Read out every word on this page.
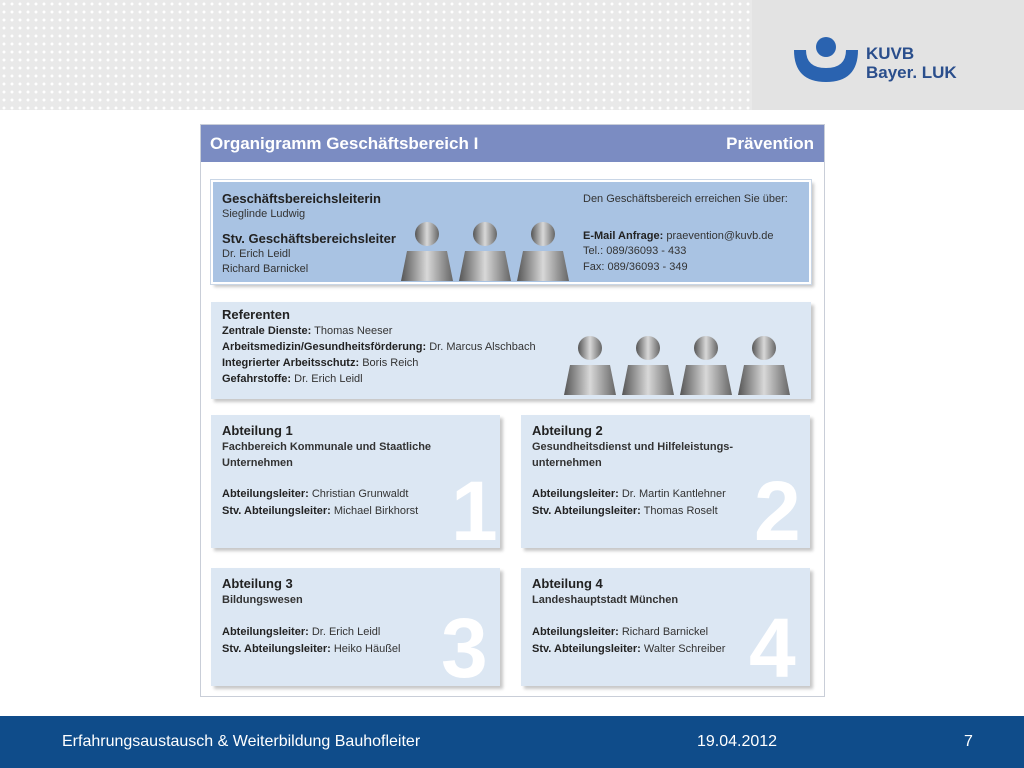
KUVB
Bayer. LUK
Organigramm Geschäftsbereich I	Prävention
Geschäftsbereichsleiterin
Sieglinde Ludwig
Stv. Geschäftsbereichsleiter
Dr. Erich Leidl
Richard Barnickel
Den Geschäftsbereich erreichen Sie über:
E-Mail Anfrage: praevention@kuvb.de
Tel.: 089/36093 - 433
Fax: 089/36093 - 349
Referenten
Zentrale Dienste: Thomas Neeser
Arbeitsmedizin/Gesundheitsförderung: Dr. Marcus Alschbach
Integrierter Arbeitsschutz: Boris Reich
Gefahrstoffe: Dr. Erich Leidl
1
Abteilung 1
Fachbereich Kommunale und Staatliche
Unternehmen
Abteilungsleiter: Christian Grunwaldt
Stv. Abteilungsleiter: Michael Birkhorst	2
Abteilung 2
Gesundheitsdienst und Hilfeleistungs-
unternehmen
Abteilungsleiter: Dr. Martin Kantlehner
Stv. Abteilungsleiter: Thomas Roselt
3
Abteilung 3
Bildungswesen
Abteilungsleiter: Dr. Erich Leidl
Stv. Abteilungsleiter: Heiko Häußel	4
Abteilung 4
Landeshauptstadt München
Abteilungsleiter: Richard Barnickel
Stv. Abteilungsleiter: Walter Schreiber
Erfahrungsaustausch & Weiterbildung Bauhofleiter	19.04.2012	7
